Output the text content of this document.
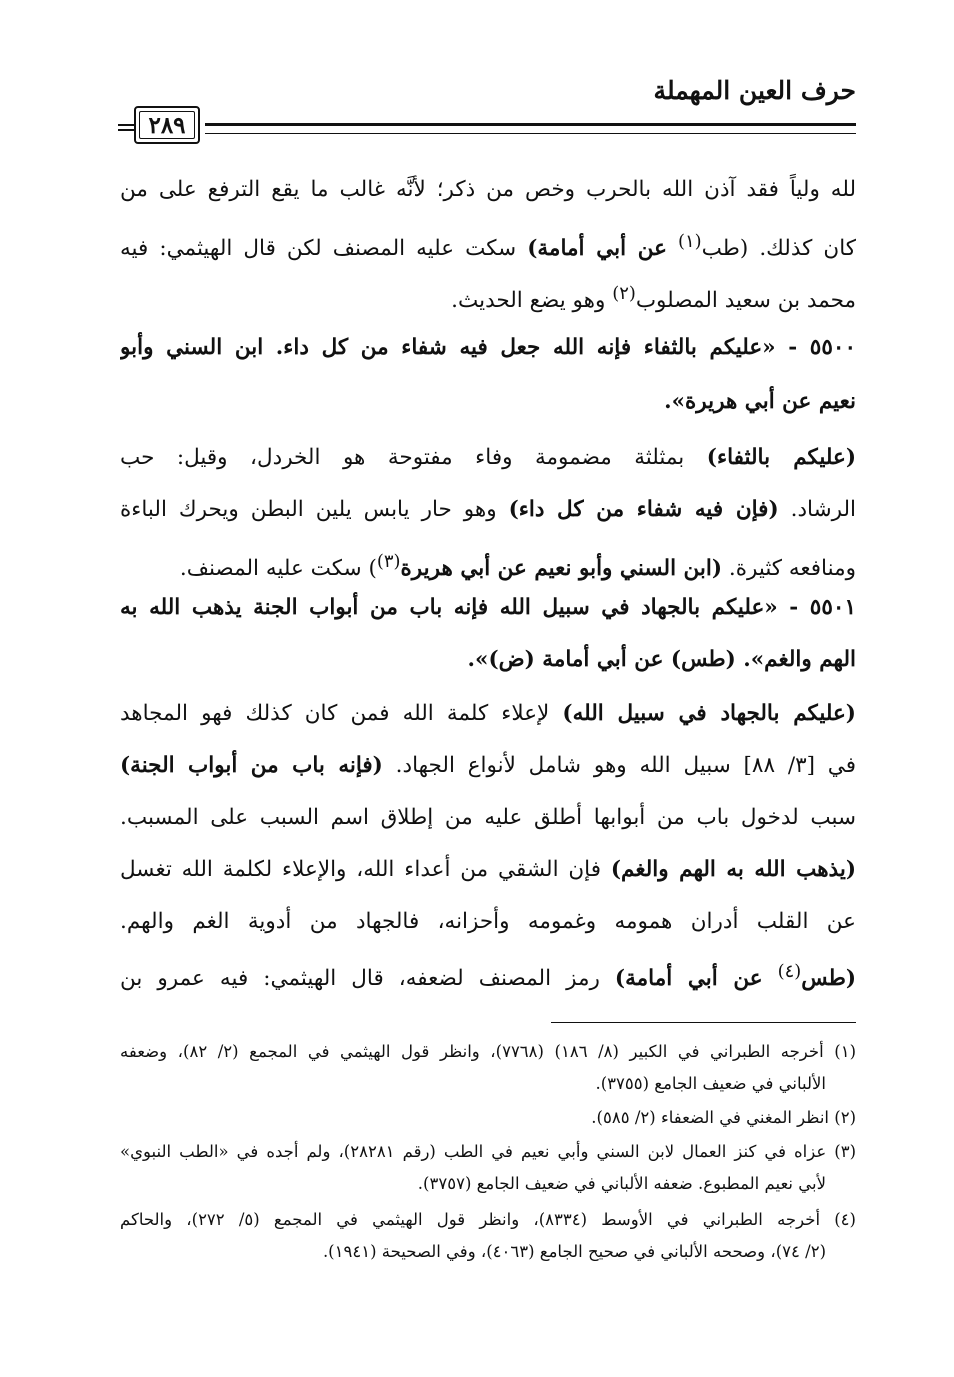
حرف العين المهملة
٢٨٩
لله ولياً فقد آذن الله بالحرب وخص من ذكر؛ لأنَّه غالب ما يقع الترفع على من
كان كذلك. (طب$^{(١)}$ عن أبي أمامة) سكت عليه المصنف لكن قال الهيثمي: فيه
محمد بن سعيد المصلوب$^{(٢)}$ وهو يضع الحديث.
٥٥٠٠ - «عليكم بالثفاء فإنه الله جعل فيه شفاء من كل داء. ابن السني وأبو
نعيم عن أبي هريرة».
(عليكم بالثفاء) بمثلثة مضمومة وفاء مفتوحة هو الخردل، وقيل: حب
الرشاد. (فإن فيه شفاء من كل داء) وهو حار يابس يلين البطن ويحرك الباءة
ومنافعه كثيرة. (ابن السني وأبو نعيم عن أبي هريرة$^{(٣)}$) سكت عليه المصنف.
٥٥٠١ - «عليكم بالجهاد في سبيل الله فإنه باب من أبواب الجنة يذهب الله به
الهم والغم». (طس) عن أبي أمامة (ض)».
(عليكم بالجهاد في سبيل الله) لإعلاء كلمة الله فمن كان كذلك فهو المجاهد
في [٣/ ٨٨] سبيل الله وهو شامل لأنواع الجهاد. (فإنه باب من أبواب الجنة)
سبب لدخول باب من أبوابها أطلق عليه من إطلاق اسم السبب على المسبب.
(يذهب الله به الهم والغم) فإن الشقي من أعداء الله، والإعلاء لكلمة الله تغسل
عن القلب أدران همومه وغمومه وأحزانه، فالجهاد من أدوية الغم والهم.
(طس$^{(٤)}$ عن أبي أمامة) رمز المصنف لضعفه، قال الهيثمي: فيه عمرو بن
(١) أخرجه الطبراني في الكبير (٨/ ١٨٦) (٧٧٦٨)، وانظر قول الهيثمي في المجمع (٢/ ٨٢)، وضعفه
الألباني في ضعيف الجامع (٣٧٥٥).
(٢) انظر المغني في الضعفاء (٢/ ٥٨٥).
(٣) عزاه في كنز العمال لابن السني وأبي نعيم في الطب (رقم ٢٨٢٨١)، ولم أجده في «الطب النبوي»
لأبي نعيم المطبوع. ضعفه الألباني في ضعيف الجامع (٣٧٥٧).
(٤) أخرجه الطبراني في الأوسط (٨٣٣٤)، وانظر قول الهيثمي في المجمع (٥/ ٢٧٢)، والحاكم
(٢/ ٧٤)، وصححه الألباني في صحيح الجامع (٤٠٦٣)، وفي الصحيحة (١٩٤١).
